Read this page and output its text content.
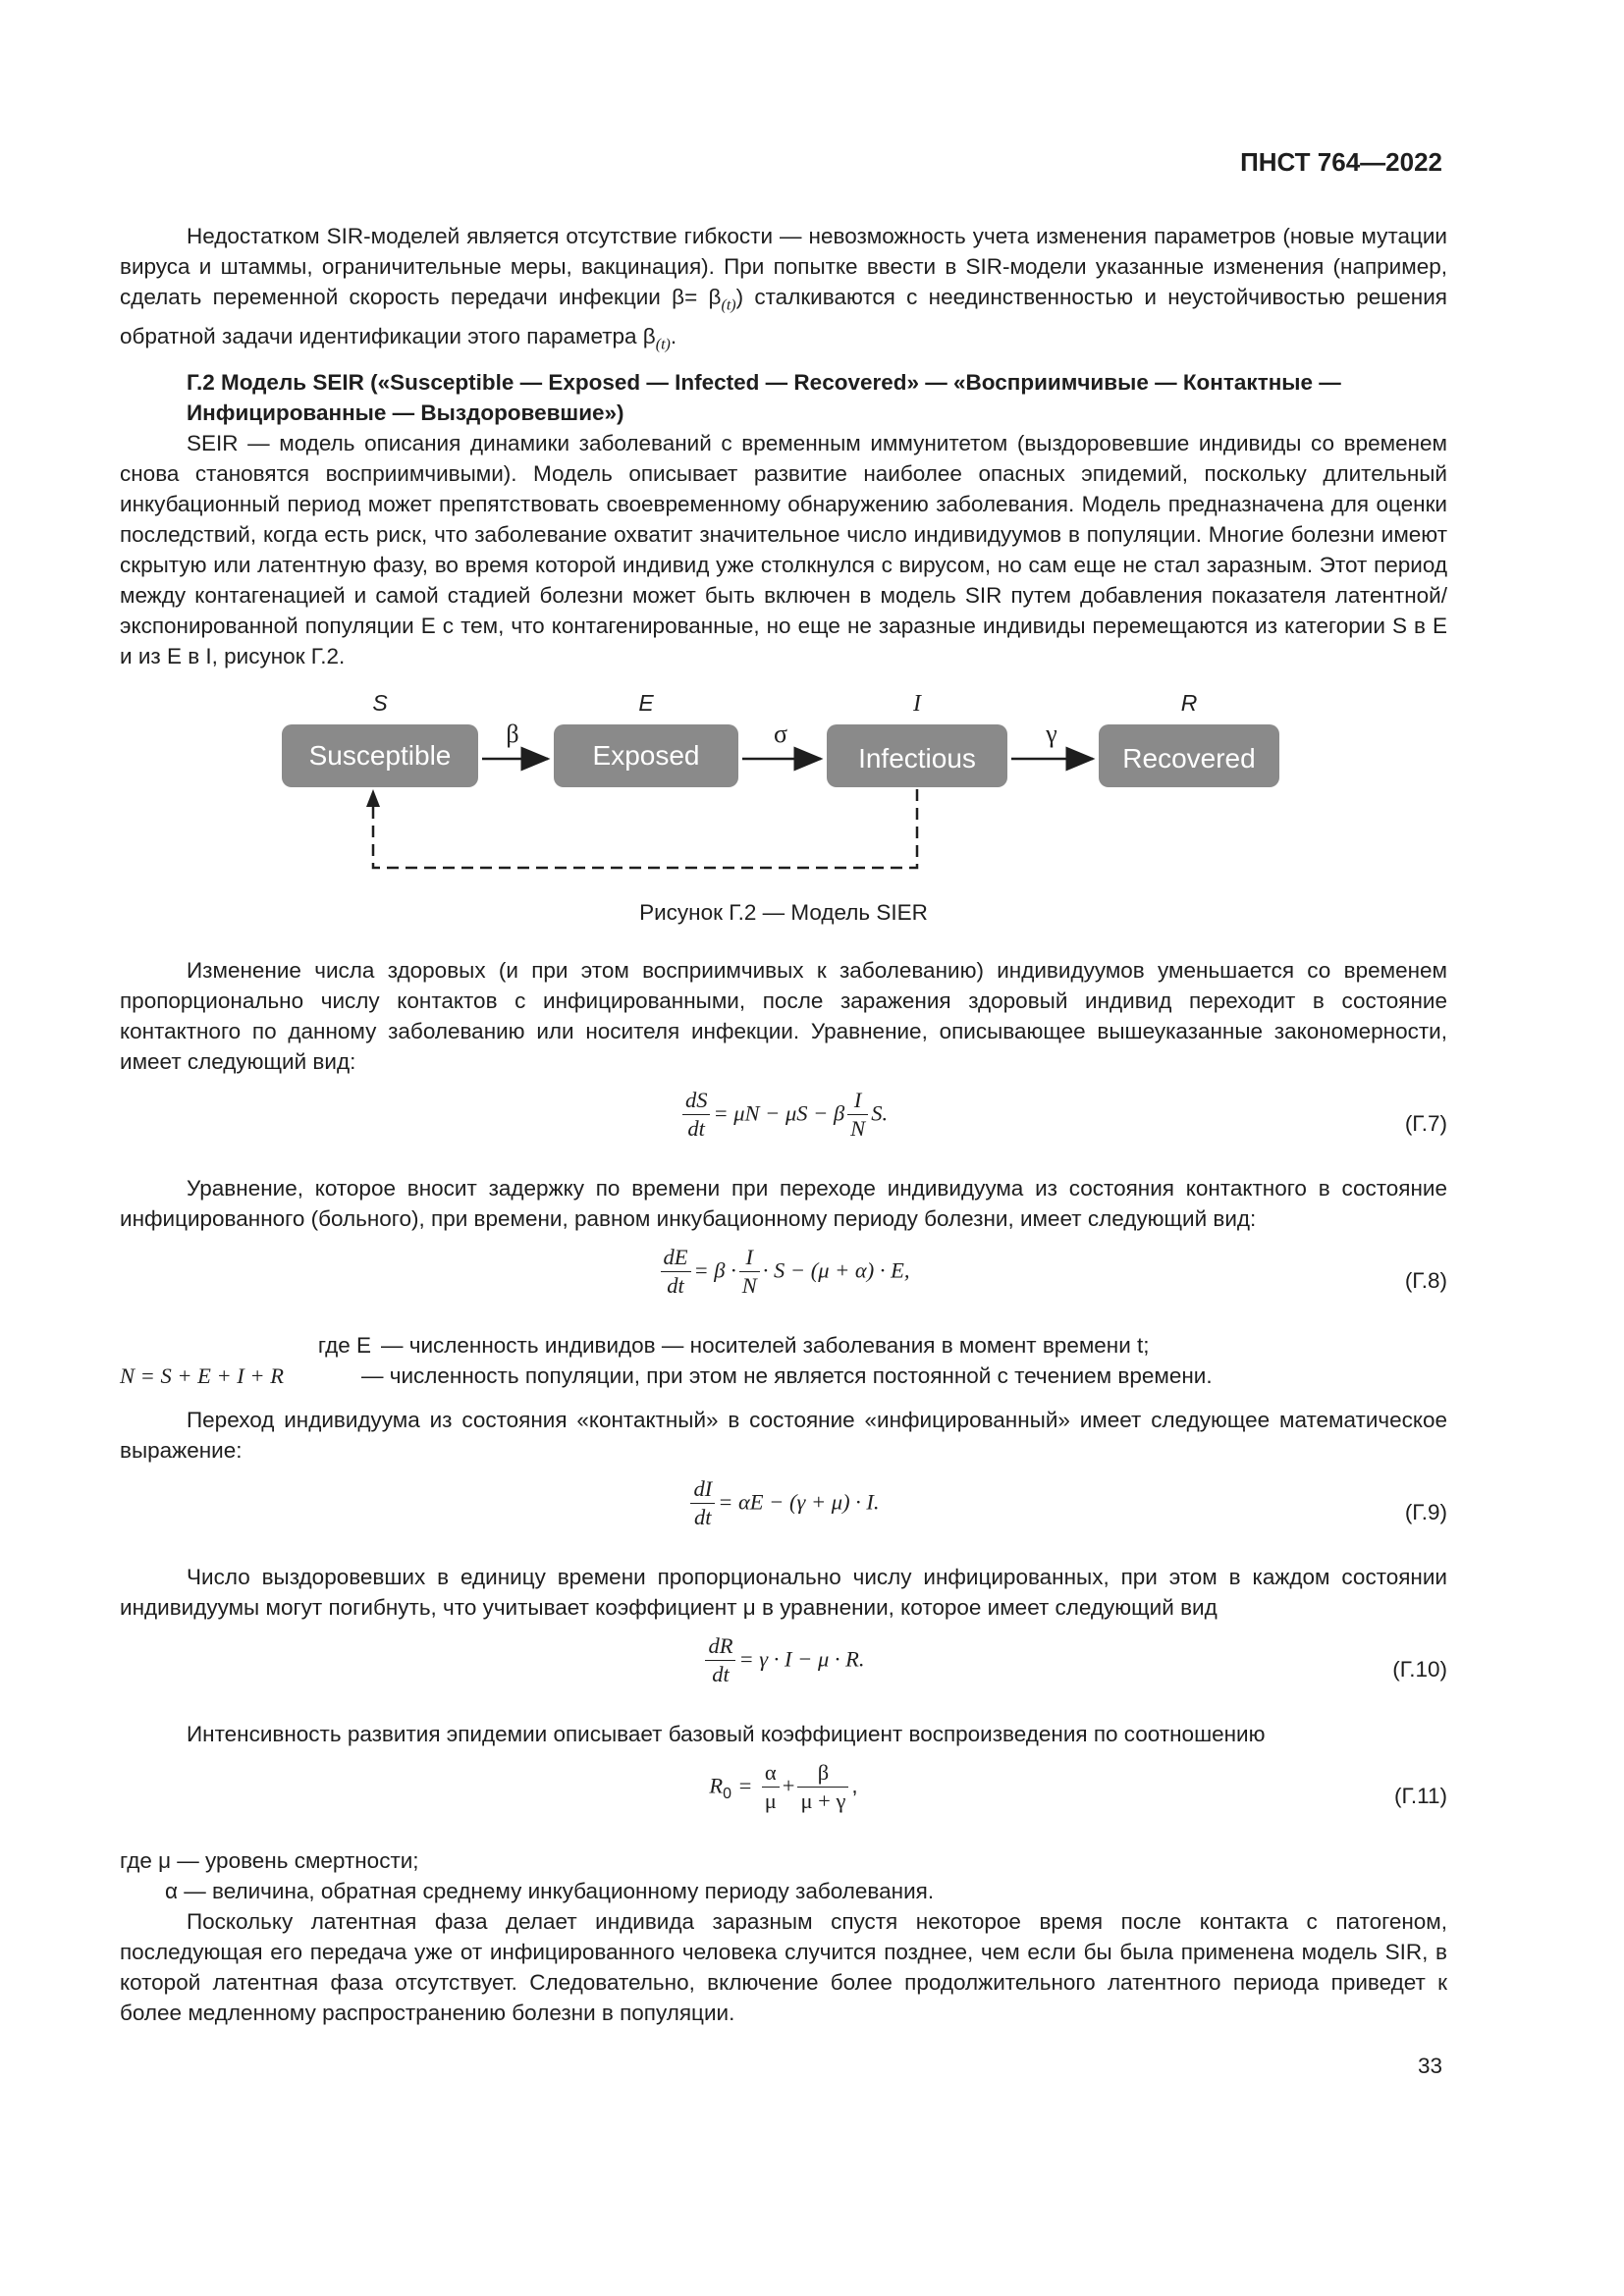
ПНСТ 764—2022

Недостатком SIR-моделей является отсутствие гибкости — невозможность учета изменения параметров (новые мутации вируса и штаммы, ограничительные меры, вакцинация). При попытке ввести в SIR-модели указанные изменения (например, сделать переменной скорость передачи инфекции $\beta= \beta_{(t)}$) сталкиваются с неединственностью и неустойчивостью решения обратной задачи идентификации этого параметра $\beta_{(t)}$.

Г.2 Модель SEIR («Susceptible — Exposed — Infected — Recovered» — «Восприимчивые — Контактные — Инфицированные — Выздоровевшие»)

SEIR — модель описания динамики заболеваний с временным иммунитетом (выздоровевшие индивиды со временем снова становятся восприимчивыми). Модель описывает развитие наиболее опасных эпидемий, поскольку длительный инкубационный период может препятствовать своевременному обнаружению заболевания. Модель предназначена для оценки последствий, когда есть риск, что заболевание охватит значительное число индивидуумов в популяции. Многие болезни имеют скрытую или латентную фазу, во время которой индивид уже столкнулся с вирусом, но сам еще не стал заразным. Этот период между контагенацией и самой стадией болезни может быть включен в модель SIR путем добавления показателя латентной/экспонированной популяции E с тем, что контагенированные, но еще не заразные индивиды перемещаются из категории S в E и из E в I, рисунок Г.2.

S	E	I	R
Susceptible	Exposed	Infectious	Recovered
β	σ	γ

Рисунок Г.2 — Модель SIER

Изменение числа здоровых (и при этом восприимчивых к заболеванию) индивидуумов уменьшается со временем пропорционально числу контактов с инфицированными, после заражения здоровый индивид переходит в состояние контактного по данному заболеванию или носителя инфекции. Уравнение, описывающее вышеуказанные закономерности, имеет следующий вид:

$\frac{dS}{dt} = \mu N - \mu S - \beta \frac{I}{N} S$.	(Г.7)

Уравнение, которое вносит задержку по времени при переходе индивидуума из состояния контактного в состояние инфицированного (больного), при времени, равном инкубационному периоду болезни, имеет следующий вид:

$\frac{dE}{dt} = \beta \cdot \frac{I}{N} \cdot S - (\mu + \alpha) \cdot E$,	(Г.8)
где E — численность индивидов — носителей заболевания в момент времени t;
N = S + E + I + R	— численность популяции, при этом не является постоянной с течением времени.

Переход индивидуума из состояния «контактный» в состояние «инфицированный» имеет следующее математическое выражение:

$\frac{dI}{dt} = \alpha E - (\gamma + \mu) \cdot I$.	(Г.9)

Число выздоровевших в единицу времени пропорционально числу инфицированных, при этом в каждом состоянии индивидуумы могут погибнуть, что учитывает коэффициент μ в уравнении, которое имеет следующий вид

$\frac{dR}{dt} = \gamma \cdot I - \mu \cdot R$.	(Г.10)

Интенсивность развития эпидемии описывает базовый коэффициент воспроизведения по соотношению

$R_0 = \frac{\alpha}{\mu} + \frac{\beta}{\mu + \gamma}$ ,	(Г.11)

где μ — уровень смертности;

α — величина, обратная среднему инкубационному периоду заболевания.

Поскольку латентная фаза делает индивида заразным спустя некоторое время после контакта с патогеном, последующая его передача уже от инфицированного человека случится позднее, чем если бы была применена модель SIR, в которой латентная фаза отсутствует. Следовательно, включение более продолжительного латентного периода приведет к более медленному распространению болезни в популяции.

33
